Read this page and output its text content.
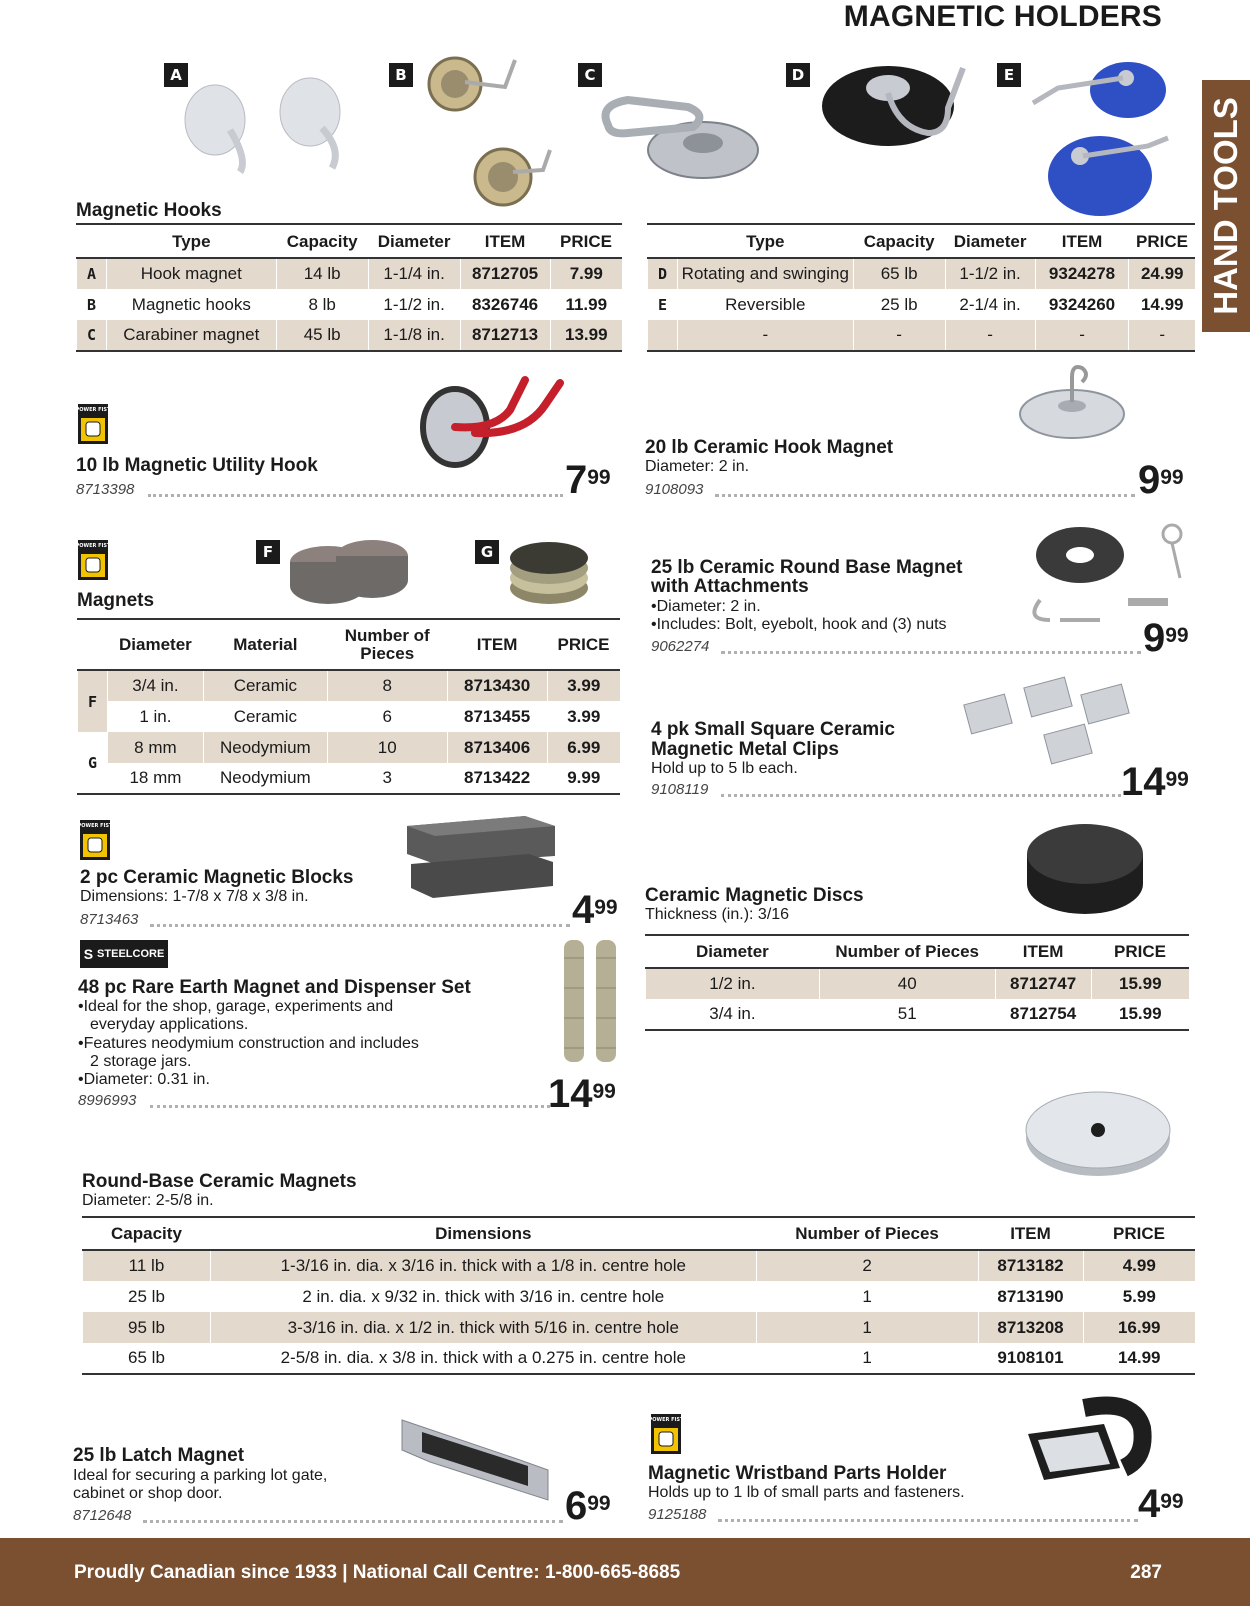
MAGNETIC HOLDERS
HAND TOOLS
A	B	C	D	E
Magnetic Hooks
	Type	Capacity	Diameter	ITEM	PRICE
A	Hook magnet	14 lb	1-1/4 in.	8712705	7.99
B	Magnetic hooks	8 lb	1-1/2 in.	8326746	11.99
C	Carabiner magnet	45 lb	1-1/8 in.	8712713	13.99
	Type	Capacity	Diameter	ITEM	PRICE
D	Rotating and swinging	65 lb	1-1/2 in.	9324278	24.99
E	Reversible	25 lb	2-1/4 in.	9324260	14.99
	-	-	-	-	-
POWER FIST
10 lb Magnetic Utility Hook
8713398	$7^{99}$
20 lb Ceramic Hook Magnet
Diameter: 2 in.
9108093	$9^{99}$
POWER FIST	F	G
Magnets
	Diameter	Material	Number of Pieces	ITEM	PRICE
F	3/4 in.	Ceramic	8	8713430	3.99
	1 in.	Ceramic	6	8713455	3.99
G	8 mm	Neodymium	10	8713406	6.99
	18 mm	Neodymium	3	8713422	9.99
25 lb Ceramic Round Base Magnet
with Attachments
•Diameter: 2 in.
•Includes: Bolt, eyebolt, hook and (3) nuts
9062274	$9^{99}$
4 pk Small Square Ceramic
Magnetic Metal Clips
Hold up to 5 lb each.
9108119	$14^{99}$
POWER FIST
2 pc Ceramic Magnetic Blocks
Dimensions: 1-7/8 x 7/8 x 3/8 in.
8713463	$4^{99}$
S STEELCORE
48 pc Rare Earth Magnet and Dispenser Set
•Ideal for the shop, garage, experiments and
everyday applications.
•Features neodymium construction and includes
2 storage jars.
•Diameter: 0.31 in.
8996993	$14^{99}$
Ceramic Magnetic Discs
Thickness (in.): 3/16
Diameter	Number of Pieces	ITEM	PRICE
1/2 in.	40	8712747	15.99
3/4 in.	51	8712754	15.99
Round-Base Ceramic Magnets
Diameter: 2-5/8 in.
Capacity	Dimensions	Number of Pieces	ITEM	PRICE
11 lb	1-3/16 in. dia. x 3/16 in. thick with a 1/8 in. centre hole	2	8713182	4.99
25 lb	2 in. dia. x 9/32 in. thick with 3/16 in. centre hole	1	8713190	5.99
95 lb	3-3/16 in. dia. x 1/2 in. thick with 5/16 in. centre hole	1	8713208	16.99
65 lb	2-5/8 in. dia. x 3/8 in. thick with a 0.275 in. centre hole	1	9108101	14.99
25 lb Latch Magnet
Ideal for securing a parking lot gate,
cabinet or shop door.
8712648	$6^{99}$
POWER FIST
Magnetic Wristband Parts Holder
Holds up to 1 lb of small parts and fasteners.
9125188	$4^{99}$
Proudly Canadian since 1933 | National Call Centre: 1-800-665-8685	287
